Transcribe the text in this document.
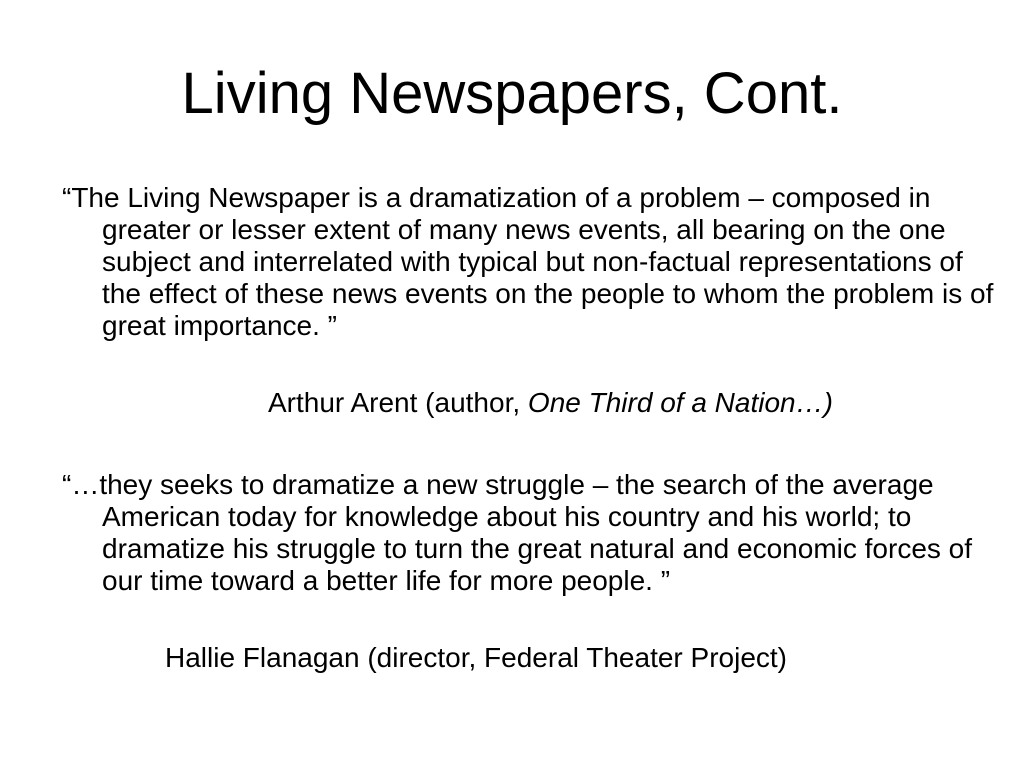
Living Newspapers, Cont.

“The Living Newspaper is a dramatization of a problem – composed in greater or lesser extent of many news events, all bearing on the one subject and interrelated with typical but non-factual representations of the effect of these news events on the people to whom the problem is of great importance. ”

Arthur Arent (author, One Third of a Nation…)

“…they seeks to dramatize a new struggle – the search of the average American today for knowledge about his country and his world; to dramatize his struggle to turn the great natural and economic forces of our time toward a better life for more people. ”

Hallie Flanagan (director, Federal Theater Project)
